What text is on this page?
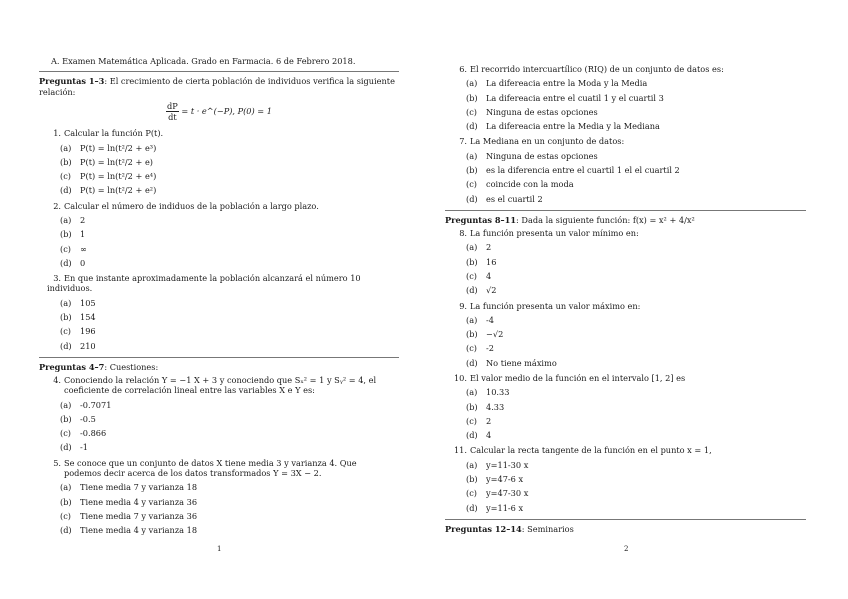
A. Examen Matemática Aplicada. Grado en Farmacia. 6 de Febrero 2018.
Preguntas 1–3: El crecimiento de cierta población de individuos verifica la siguiente relación:
$\frac{dP}{dt} = t$ · e^(−P), P(0) = 1
1. Calcular la función P(t).
(a) P(t) = ln(t²/2 + e³)
(b) P(t) = ln(t²/2 + e)
(c) P(t) = ln(t²/2 + e⁴)
(d) P(t) = ln(t²/2 + e²)
2. Calcular el número de indiduos de la población a largo plazo.
(a) 2
(b) 1
(c) ∞
(d) 0
3. En que instante aproximadamente la población alcanzará el número 10 individuos.
(a) 105
(b) 154
(c) 196
(d) 210
Preguntas 4–7: Cuestiones:
4. Conociendo la relación Y = −1 X + 3 y conociendo que Sₓ² = 1 y Sᵧ² = 4, el coeficiente de correlación lineal entre las variables X e Y es:
(a) -0.7071
(b) -0.5
(c) -0.866
(d) -1
5. Se conoce que un conjunto de datos X tiene media 3 y varianza 4. Que podemos decir acerca de los datos transformados Y = 3X − 2.
(a) Tiene media 7 y varianza 18
(b) Tiene media 4 y varianza 36
(c) Tiene media 7 y varianza 36
(d) Tiene media 4 y varianza 18
1
6. El recorrido intercuartílico (RIQ) de un conjunto de datos es:
(a) La difereacia entre la Moda y la Media
(b) La difereacia entre el cuatil 1 y el cuartil 3
(c) Ninguna de estas opciones
(d) La difereacia entre la Media y la Mediana
7. La Mediana en un conjunto de datos:
(a) Ninguna de estas opciones
(b) es la diferencia entre el cuartil 1 el el cuartil 2
(c) coincide con la moda
(d) es el cuartil 2
Preguntas 8–11: Dada la siguiente función: f(x) = x² + 4/x²
8. La función presenta un valor mínimo en:
(a) 2
(b) 16
(c) 4
(d) √2
9. La función presenta un valor máximo en:
(a) -4
(b) −√2
(c) -2
(d) No tiene máximo
10. El valor medio de la función en el intervalo [1, 2] es
(a) 10.33
(b) 4.33
(c) 2
(d) 4
11. Calcular la recta tangente de la función en el punto x = 1,
(a) y=11-30 x
(b) y=47-6 x
(c) y=47-30 x
(d) y=11-6 x
Preguntas 12–14: Seminarios
2
